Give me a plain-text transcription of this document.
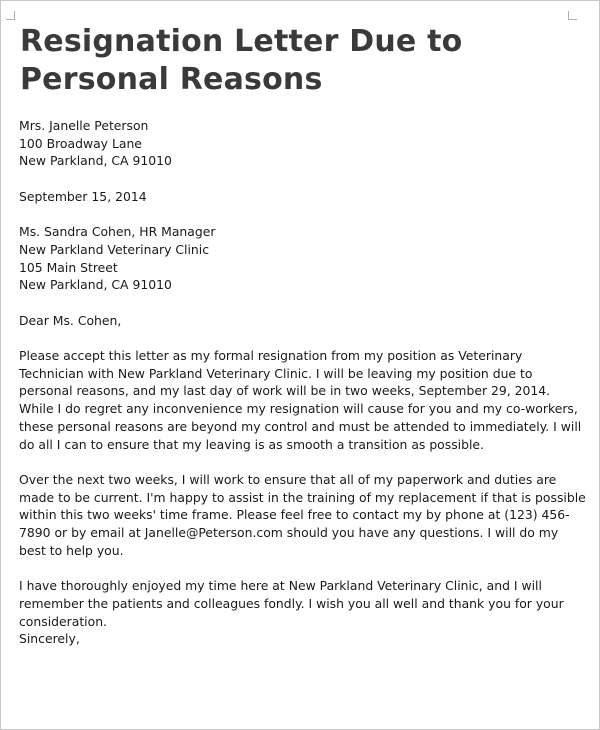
Resignation Letter Due to
Personal Reasons
Mrs. Janelle Peterson
100 Broadway Lane
New Parkland, CA 91010
September 15, 2014
Ms. Sandra Cohen, HR Manager
New Parkland Veterinary Clinic
105 Main Street
New Parkland, CA 91010
Dear Ms. Cohen,
Please accept this letter as my formal resignation from my position as Veterinary
Technician with New Parkland Veterinary Clinic. I will be leaving my position due to
personal reasons, and my last day of work will be in two weeks, September 29, 2014.
While I do regret any inconvenience my resignation will cause for you and my co-workers,
these personal reasons are beyond my control and must be attended to immediately. I will
do all I can to ensure that my leaving is as smooth a transition as possible.
Over the next two weeks, I will work to ensure that all of my paperwork and duties are
made to be current. I'm happy to assist in the training of my replacement if that is possible
within this two weeks' time frame. Please feel free to contact my by phone at (123) 456-
7890 or by email at Janelle@Peterson.com should you have any questions. I will do my
best to help you.
I have thoroughly enjoyed my time here at New Parkland Veterinary Clinic, and I will
remember the patients and colleagues fondly. I wish you all well and thank you for your
consideration.
Sincerely,
